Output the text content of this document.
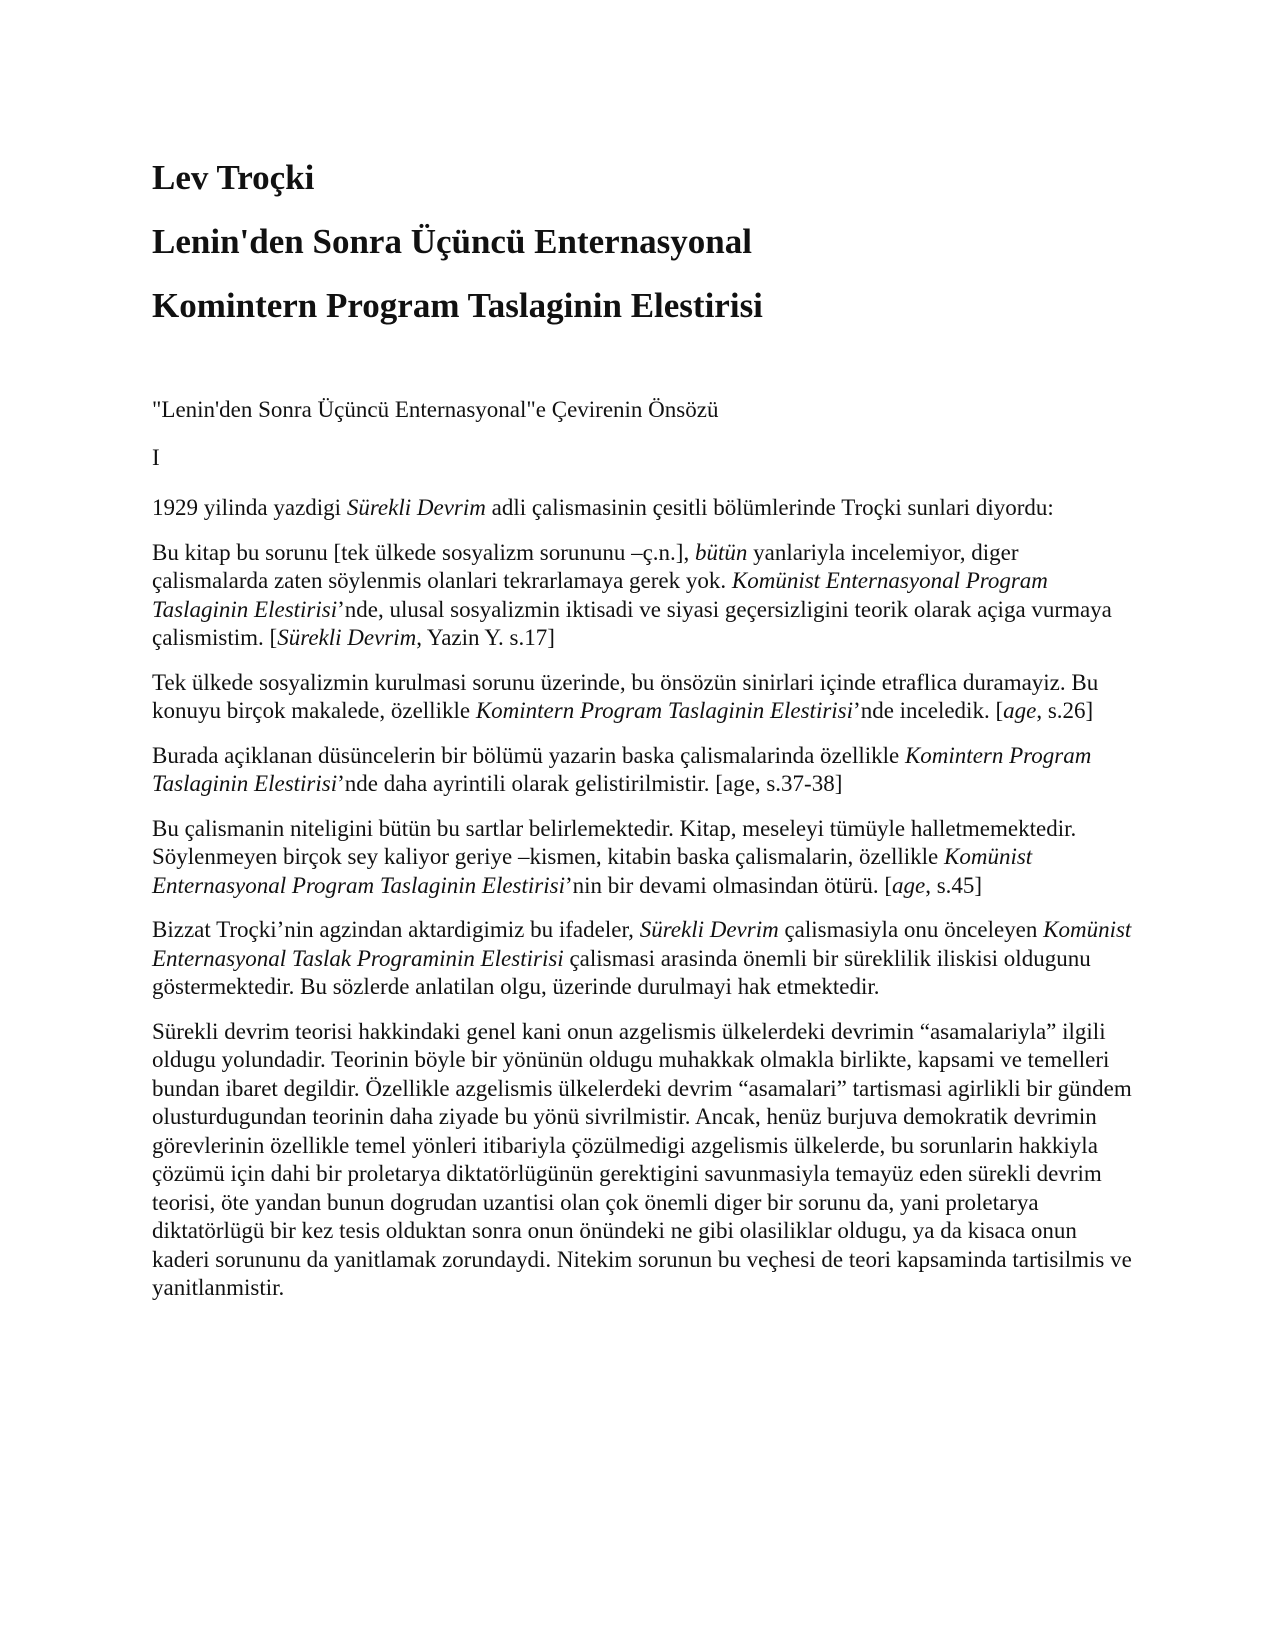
Lev Troçki
Lenin'den Sonra Üçüncü Enternasyonal
Komintern Program Taslaginin Elestirisi
"Lenin'den Sonra Üçüncü Enternasyonal"e Çevirenin Önsözü
I

1929 yilinda yazdigi Sürekli Devrim adli çalismasinin çesitli bölümlerinde Troçki sunlari diyordu:

Bu kitap bu sorunu [tek ülkede sosyalizm sorununu –ç.n.], bütün yanlariyla incelemiyor, diger çalismalarda zaten söylenmis olanlari tekrarlamaya gerek yok. Komünist Enternasyonal Program Taslaginin Elestirisi’nde, ulusal sosyalizmin iktisadi ve siyasi geçersizligini teorik olarak açiga vurmaya çalismistim. [Sürekli Devrim, Yazin Y. s.17]

Tek ülkede sosyalizmin kurulmasi sorunu üzerinde, bu önsözün sinirlari içinde etraflica duramayiz. Bu konuyu birçok makalede, özellikle Komintern Program Taslaginin Elestirisi’nde inceledik. [age, s.26]

Burada açiklanan düsüncelerin bir bölümü yazarin baska çalismalarinda özellikle Komintern Program Taslaginin Elestirisi’nde daha ayrintili olarak gelistirilmistir. [age, s.37-38]

Bu çalismanin niteligini bütün bu sartlar belirlemektedir. Kitap, meseleyi tümüyle halletmemektedir. Söylenmeyen birçok sey kaliyor geriye –kismen, kitabin baska çalismalarin, özellikle Komünist Enternasyonal Program Taslaginin Elestirisi’nin bir devami olmasindan ötürü. [age, s.45]

Bizzat Troçki’nin agzindan aktardigimiz bu ifadeler, Sürekli Devrim çalismasiyla onu önceleyen Komünist Enternasyonal Taslak Programinin Elestirisi çalismasi arasinda önemli bir süreklilik iliskisi oldugunu göstermektedir. Bu sözlerde anlatilan olgu, üzerinde durulmayi hak etmektedir.

Sürekli devrim teorisi hakkindaki genel kani onun azgelismis ülkelerdeki devrimin “asamalariyla” ilgili oldugu yolundadir. Teorinin böyle bir yönünün oldugu muhakkak olmakla birlikte, kapsami ve temelleri bundan ibaret degildir. Özellikle azgelismis ülkelerdeki devrim “asamalari” tartismasi agirlikli bir gündem olusturdugundan teorinin daha ziyade bu yönü sivrilmistir. Ancak, henüz burjuva demokratik devrimin görevlerinin özellikle temel yönleri itibariyla çözülmedigi azgelismis ülkelerde, bu sorunlarin hakkiyla çözümü için dahi bir proletarya diktatörlügünün gerektigini savunmasiyla temayüz eden sürekli devrim teorisi, öte yandan bunun dogrudan uzantisi olan çok önemli diger bir sorunu da, yani proletarya diktatörlügü bir kez tesis olduktan sonra onun önündeki ne gibi olasiliklar oldugu, ya da kisaca onun kaderi sorununu da yanitlamak zorundaydi. Nitekim sorunun bu veçhesi de teori kapsaminda tartisilmis ve yanitlanmistir.
